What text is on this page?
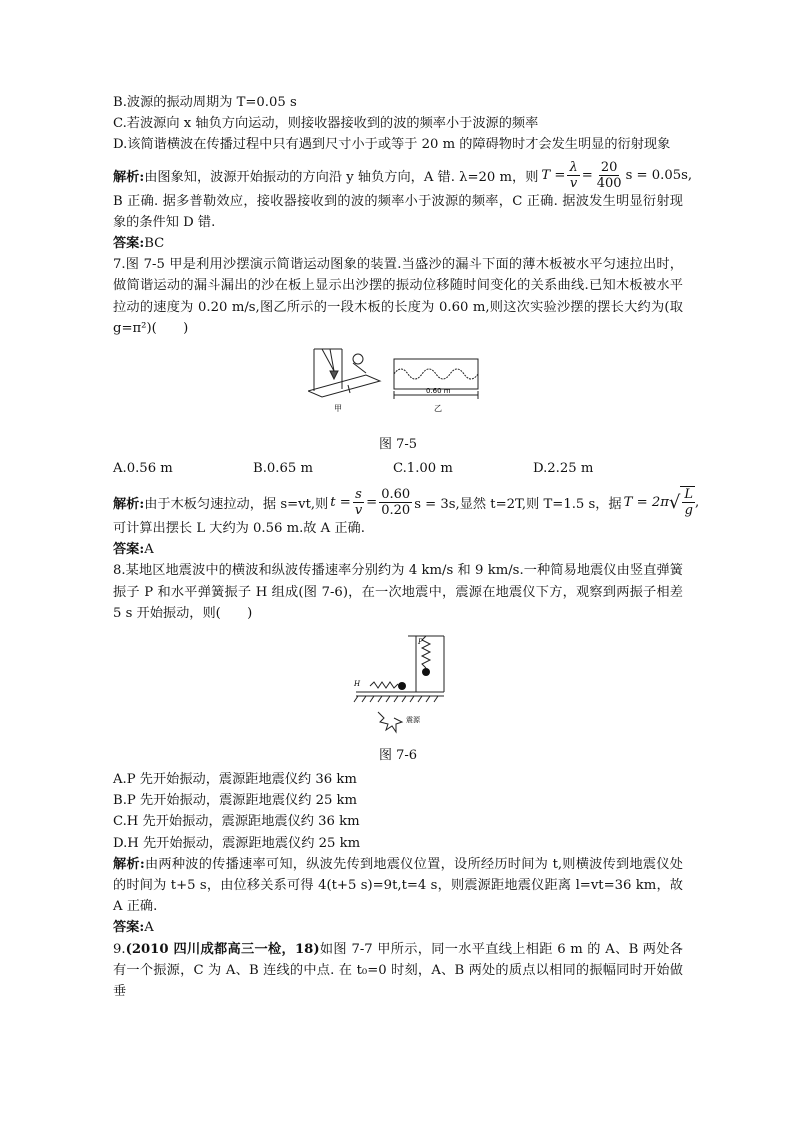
B.波源的振动周期为 T=0.05 s

C.若波源向 x 轴负方向运动，则接收器接收到的波的频率小于波源的频率

D.该简谐横波在传播过程中只有遇到尺寸小于或等于 20 m 的障碍物时才会发生明显的衍射现象

解析: 由图象知，波源开始振动的方向沿 y 轴负方向，A 错. λ=20 m，则 $T = \frac{\lambda}{v} = \frac{20}{400}$ s = 0.05s,

B 正确. 据多普勒效应，接收器接收到的波的频率小于波源的频率，C 正确. 据波发生明显衍射现象的条件知 D 错.

答案:BC

7.图 7-5 甲是利用沙摆演示简谐运动图象的装置.当盛沙的漏斗下面的薄木板被水平匀速拉出时，做简谐运动的漏斗漏出的沙在板上显示出沙摆的振动位移随时间变化的关系曲线.已知木板被水平拉动的速度为 0.20 m/s,图乙所示的一段木板的长度为 0.60 m,则这次实验沙摆的摆长大约为(取 g=π²)(　　)

甲
0.60 m
乙
图 7-5
A.0.56 m	B.0.65 m	C.1.00 m	D.2.25 m
解析: 由于木板匀速拉动，据 s=vt,则 $t = \frac{s}{v} = \frac{0.60}{0.20}$ s = 3s,显然 t=2T,则 T=1.5 s，据 T = 2π √ $\frac{L}{g}$ ,

可计算出摆长 L 大约为 0.56 m.故 A 正确.

答案:A

8.某地区地震波中的横波和纵波传播速率分别约为 4 km/s 和 9 km/s.一种简易地震仪由竖直弹簧振子 P 和水平弹簧振子 H 组成(图 7-6)，在一次地震中，震源在地震仪下方，观察到两振子相差 5 s 开始振动，则(　　)

P
H
震源
图 7-6

A.P 先开始振动，震源距地震仪约 36 km

B.P 先开始振动，震源距地震仪约 25 km

C.H 先开始振动，震源距地震仪约 36 km

D.H 先开始振动，震源距地震仪约 25 km

解析:由两种波的传播速率可知，纵波先传到地震仪位置，设所经历时间为 t,则横波传到地震仪处的时间为 t+5 s，由位移关系可得 4(t+5 s)=9t,t=4 s，则震源距地震仪距离 l=vt=36 km，故 A 正确.

答案:A

9.(2010 四川成都高三一检，18)如图 7-7 甲所示，同一水平直线上相距 6 m 的 A、B 两处各有一个振源，C 为 A、B 连线的中点. 在 t₀=0 时刻，A、B 两处的质点以相同的振幅同时开始做垂
